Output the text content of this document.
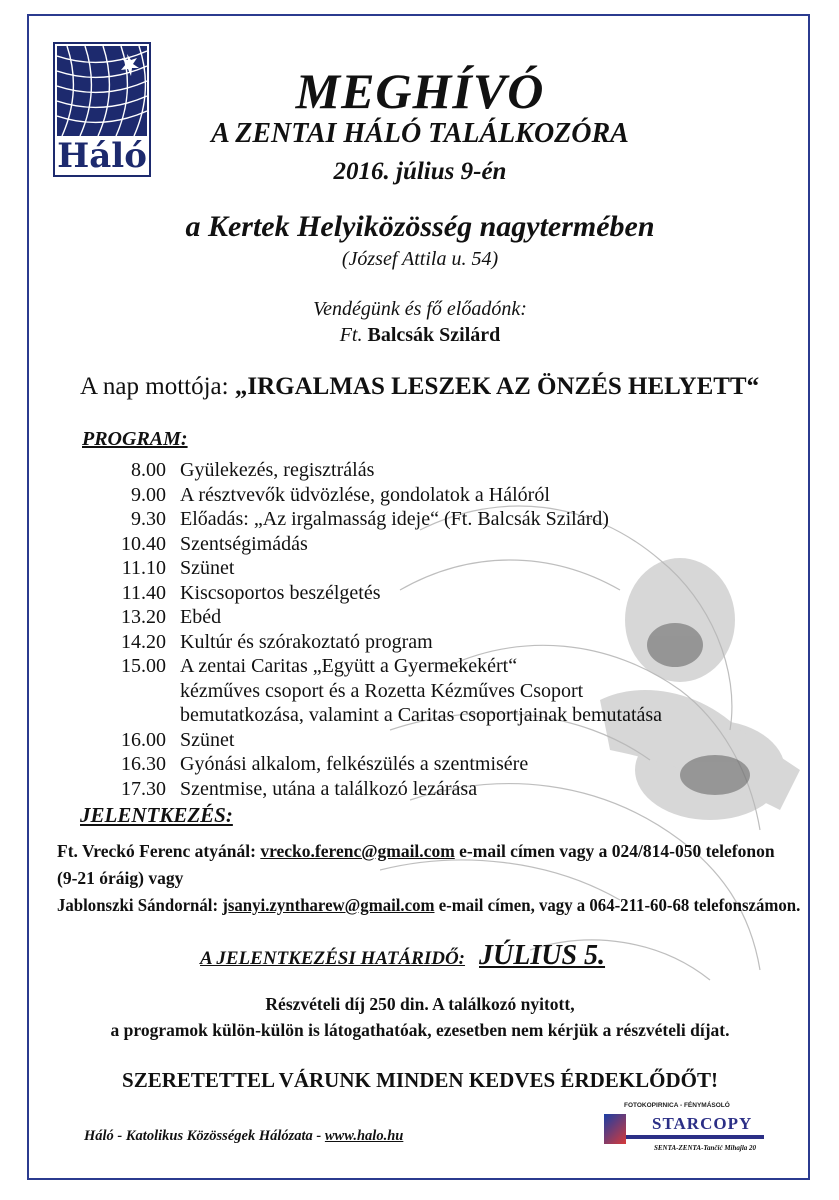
Háló
MEGHÍVÓ
A ZENTAI HÁLÓ TALÁLKOZÓRA
2016. július 9-én
a Kertek Helyiközösség nagytermében
(József Attila u. 54)
Vendégünk és fő előadónk:
Ft. Balcsák Szilárd
A nap mottója: „IRGALMAS LESZEK AZ ÖNZÉS HELYETT“
PROGRAM:
8.00 Gyülekezés, regisztrálás
9.00 A résztvevők üdvözlése, gondolatok a Hálóról
9.30 Előadás: „Az irgalmasság ideje“ (Ft. Balcsák Szilárd)
10.40 Szentségimádás
11.10 Szünet
11.40 Kiscsoportos beszélgetés
13.20 Ebéd
14.20 Kultúr és szórakoztató program
15.00 A zentai Caritas „Együtt a Gyermekekért“
kézműves csoport és a Rozetta Kézműves Csoport
bemutatkozása, valamint a Caritas csoportjainak bemutatása
16.00 Szünet
16.30 Gyónási alkalom, felkészülés a szentmisére
17.30 Szentmise, utána a találkozó lezárása
JELENTKEZÉS:
Ft. Vreckó Ferenc atyánál: vrecko.ferenc@gmail.com e-mail címen vagy a 024/814-050 telefonon
(9-21 óráig) vagy
Jablonszki Sándornál: jsanyi.zyntharew@gmail.com e-mail címen, vagy a 064-211-60-68 telefonszámon.
A JELENTKEZÉSI HATÁRIDŐ: JÚLIUS 5.
Részvételi díj 250 din. A találkozó nyitott,
a programok külön-külön is látogathatóak, ezesetben nem kérjük a részvételi díjat.
SZERETETTEL VÁRUNK MINDEN KEDVES ÉRDEKLŐDŐT!
Háló - Katolikus Közösségek Hálózata - www.halo.hu
FOTOKOPIRNICA - FÉNYMÁSOLÓ
STARCOPY
SENTA-ZENTA-Tančić Mihajla 20
